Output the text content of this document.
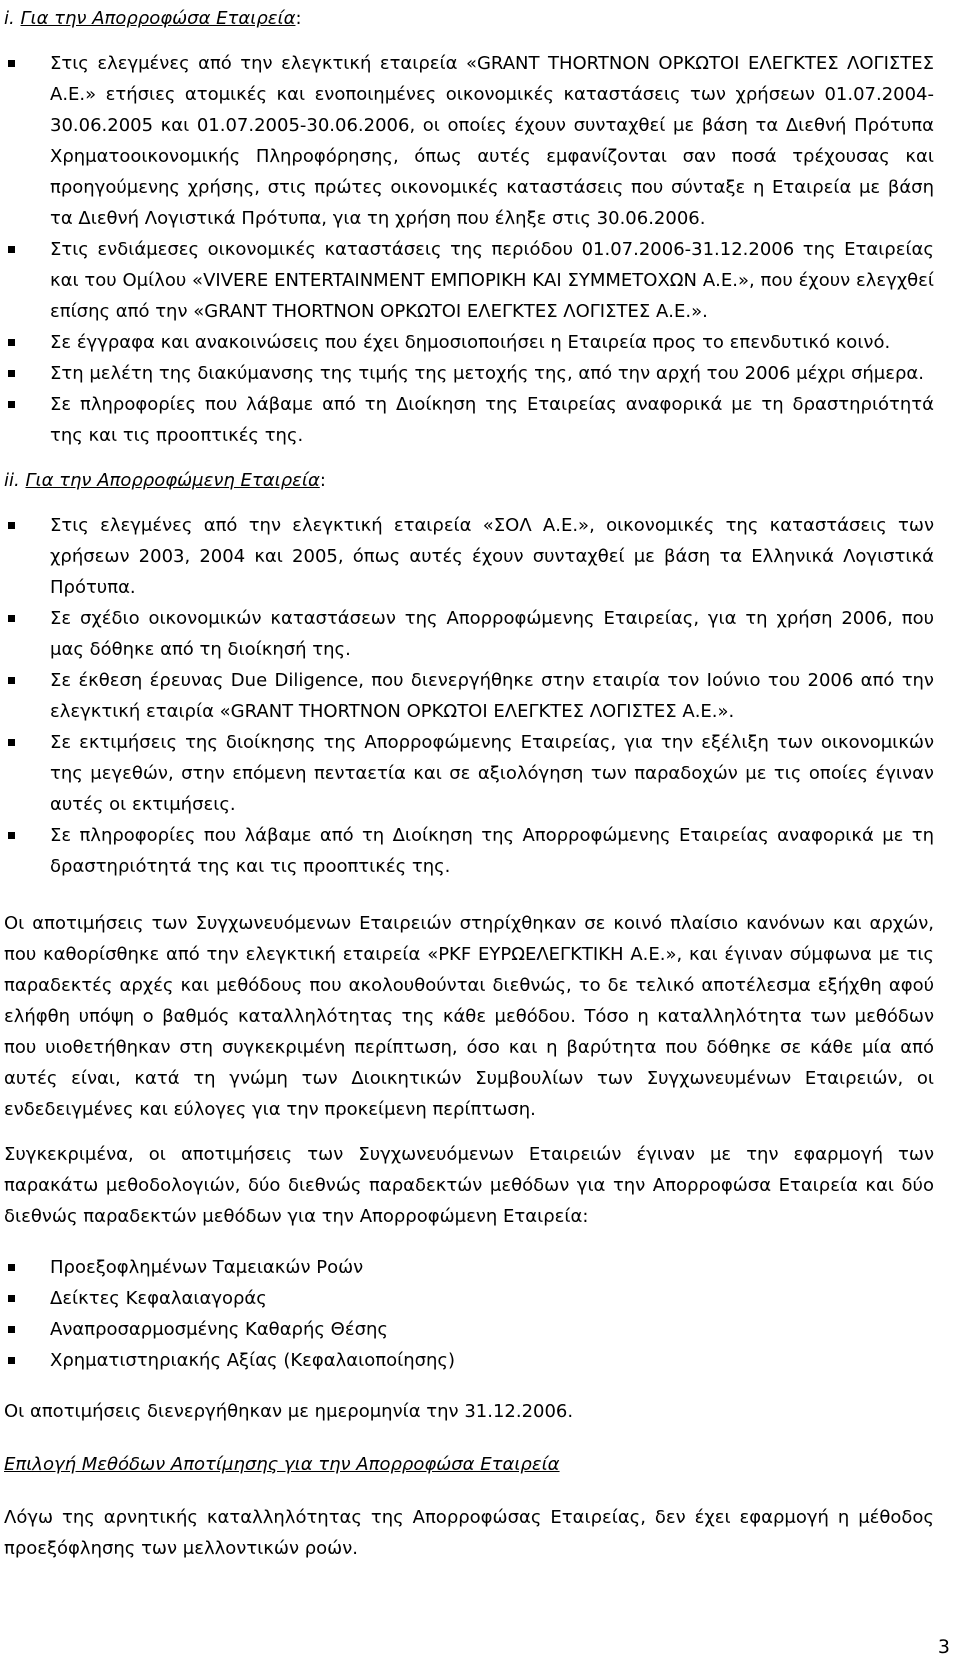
i. Για την Απορροφώσα Εταιρεία:
Στις ελεγμένες από την ελεγκτική εταιρεία «GRANT THORTNON ΟΡΚΩΤΟΙ ΕΛΕΓΚΤΕΣ ΛΟΓΙΣΤΕΣ Α.Ε.» ετήσιες ατομικές και ενοποιημένες οικονομικές καταστάσεις των χρήσεων 01.07.2004-30.06.2005 και 01.07.2005-30.06.2006, οι οποίες έχουν συνταχθεί με βάση τα Διεθνή Πρότυπα Χρηματοοικονομικής Πληροφόρησης, όπως αυτές εμφανίζονται σαν ποσά τρέχουσας και προηγούμενης χρήσης, στις πρώτες οικονομικές καταστάσεις που σύνταξε η Εταιρεία με βάση τα Διεθνή Λογιστικά Πρότυπα, για τη χρήση που έληξε στις 30.06.2006.
Στις ενδιάμεσες οικονομικές καταστάσεις της περιόδου 01.07.2006-31.12.2006 της Εταιρείας και του Ομίλου «VIVERE ENTERTAINMENT ΕΜΠΟΡΙΚΗ ΚΑΙ ΣΥΜΜΕΤΟΧΩΝ Α.Ε.», που έχουν ελεγχθεί επίσης από την «GRANT THORTNON ΟΡΚΩΤΟΙ ΕΛΕΓΚΤΕΣ ΛΟΓΙΣΤΕΣ Α.Ε.».
Σε έγγραφα και ανακοινώσεις που έχει δημοσιοποιήσει η Εταιρεία προς το επενδυτικό κοινό.
Στη μελέτη της διακύμανσης της τιμής της μετοχής της, από την αρχή του 2006 μέχρι σήμερα.
Σε πληροφορίες που λάβαμε από τη Διοίκηση της Εταιρείας αναφορικά με τη δραστηριότητά της και τις προοπτικές της.
ii. Για την Απορροφώμενη Εταιρεία:
Στις ελεγμένες από την ελεγκτική εταιρεία «ΣΟΛ Α.Ε.», οικονομικές της καταστάσεις των χρήσεων 2003, 2004 και 2005, όπως αυτές έχουν συνταχθεί με βάση τα Ελληνικά Λογιστικά Πρότυπα.
Σε σχέδιο οικονομικών καταστάσεων της Απορροφώμενης Εταιρείας, για τη χρήση 2006, που μας δόθηκε από τη διοίκησή της.
Σε έκθεση έρευνας Due Diligence, που διενεργήθηκε στην εταιρία τον Ιούνιο του 2006 από την ελεγκτική εταιρία «GRANT THORTNON ΟΡΚΩΤΟΙ ΕΛΕΓΚΤΕΣ ΛΟΓΙΣΤΕΣ Α.Ε.».
Σε εκτιμήσεις της διοίκησης της Απορροφώμενης Εταιρείας, για την εξέλιξη των οικονομικών της μεγεθών, στην επόμενη πενταετία και σε αξιολόγηση των παραδοχών με τις οποίες έγιναν αυτές οι εκτιμήσεις.
Σε πληροφορίες που λάβαμε από τη Διοίκηση της Απορροφώμενης Εταιρείας αναφορικά με τη δραστηριότητά της και τις προοπτικές της.

Οι αποτιμήσεις των Συγχωνευόμενων Εταιρειών στηρίχθηκαν σε κοινό πλαίσιο κανόνων και αρχών, που καθορίσθηκε από την ελεγκτική εταιρεία «PKF ΕΥΡΩΕΛΕΓΚΤΙΚΗ Α.Ε.», και έγιναν σύμφωνα με τις παραδεκτές αρχές και μεθόδους που ακολουθούνται διεθνώς, το δε τελικό αποτέλεσμα εξήχθη αφού ελήφθη υπόψη ο βαθμός καταλληλότητας της κάθε μεθόδου. Τόσο η καταλληλότητα των μεθόδων που υιοθετήθηκαν στη συγκεκριμένη περίπτωση, όσο και η βαρύτητα που δόθηκε σε κάθε μία από αυτές είναι, κατά τη γνώμη των Διοικητικών Συμβουλίων των Συγχωνευμένων Εταιρειών, οι ενδεδειγμένες και εύλογες για την προκείμενη περίπτωση.

Συγκεκριμένα, οι αποτιμήσεις των Συγχωνευόμενων Εταιρειών έγιναν με την εφαρμογή των παρακάτω μεθοδολογιών, δύο διεθνώς παραδεκτών μεθόδων για την Απορροφώσα Εταιρεία και δύο διεθνώς παραδεκτών μεθόδων για την Απορροφώμενη Εταιρεία:

Προεξοφλημένων Ταμειακών Ροών
Δείκτες Κεφαλαιαγοράς
Αναπροσαρμοσμένης Καθαρής Θέσης
Χρηματιστηριακής Αξίας (Κεφαλαιοποίησης)

Οι αποτιμήσεις διενεργήθηκαν με ημερομηνία την 31.12.2006.

Επιλογή Μεθόδων Αποτίμησης για την Απορροφώσα Εταιρεία

Λόγω της αρνητικής καταλληλότητας της Απορροφώσας Εταιρείας, δεν έχει εφαρμογή η μέθοδος προεξόφλησης των μελλοντικών ροών.

3
